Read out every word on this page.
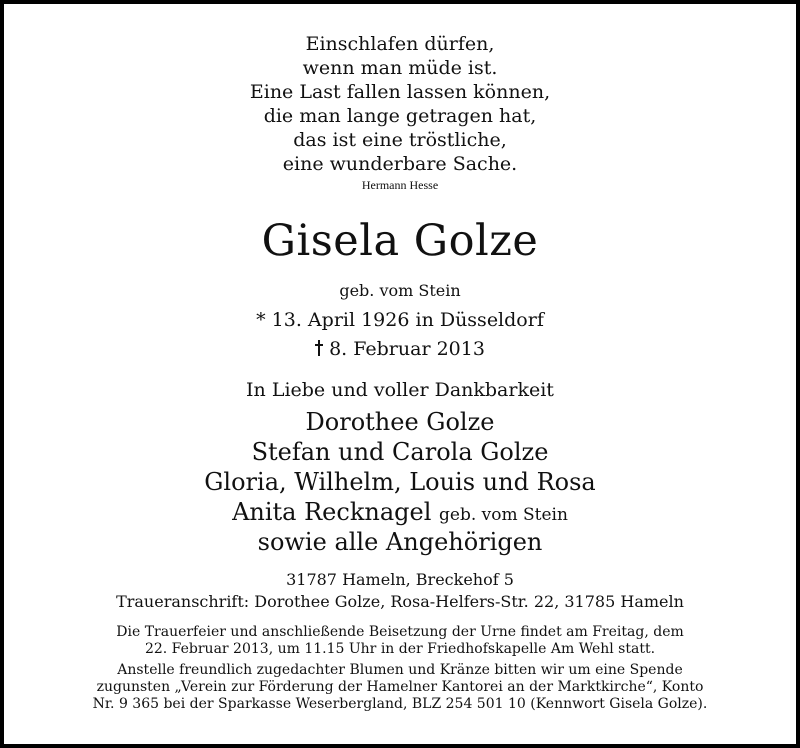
Einschlafen dürfen,
wenn man müde ist.
Eine Last fallen lassen können,
die man lange getragen hat,
das ist eine tröstliche,
eine wunderbare Sache.
Hermann Hesse
Gisela Golze
geb. vom Stein
* 13. April 1926 in Düsseldorf
8. Februar 2013
In Liebe und voller Dankbarkeit
Dorothee Golze
Stefan und Carola Golze
Gloria, Wilhelm, Louis und Rosa
Anita Recknagel geb. vom Stein
sowie alle Angehörigen
31787 Hameln, Breckehof 5
Traueranschrift: Dorothee Golze, Rosa-Helfers-Str. 22, 31785 Hameln
Die Trauerfeier und anschließende Beisetzung der Urne findet am Freitag, dem
22. Februar 2013, um 11.15 Uhr in der Friedhofskapelle Am Wehl statt.
Anstelle freundlich zugedachter Blumen und Kränze bitten wir um eine Spende
zugunsten „Verein zur Förderung der Hamelner Kantorei an der Marktkirche“, Konto
Nr. 9 365 bei der Sparkasse Weserbergland, BLZ 254 501 10 (Kennwort Gisela Golze).
